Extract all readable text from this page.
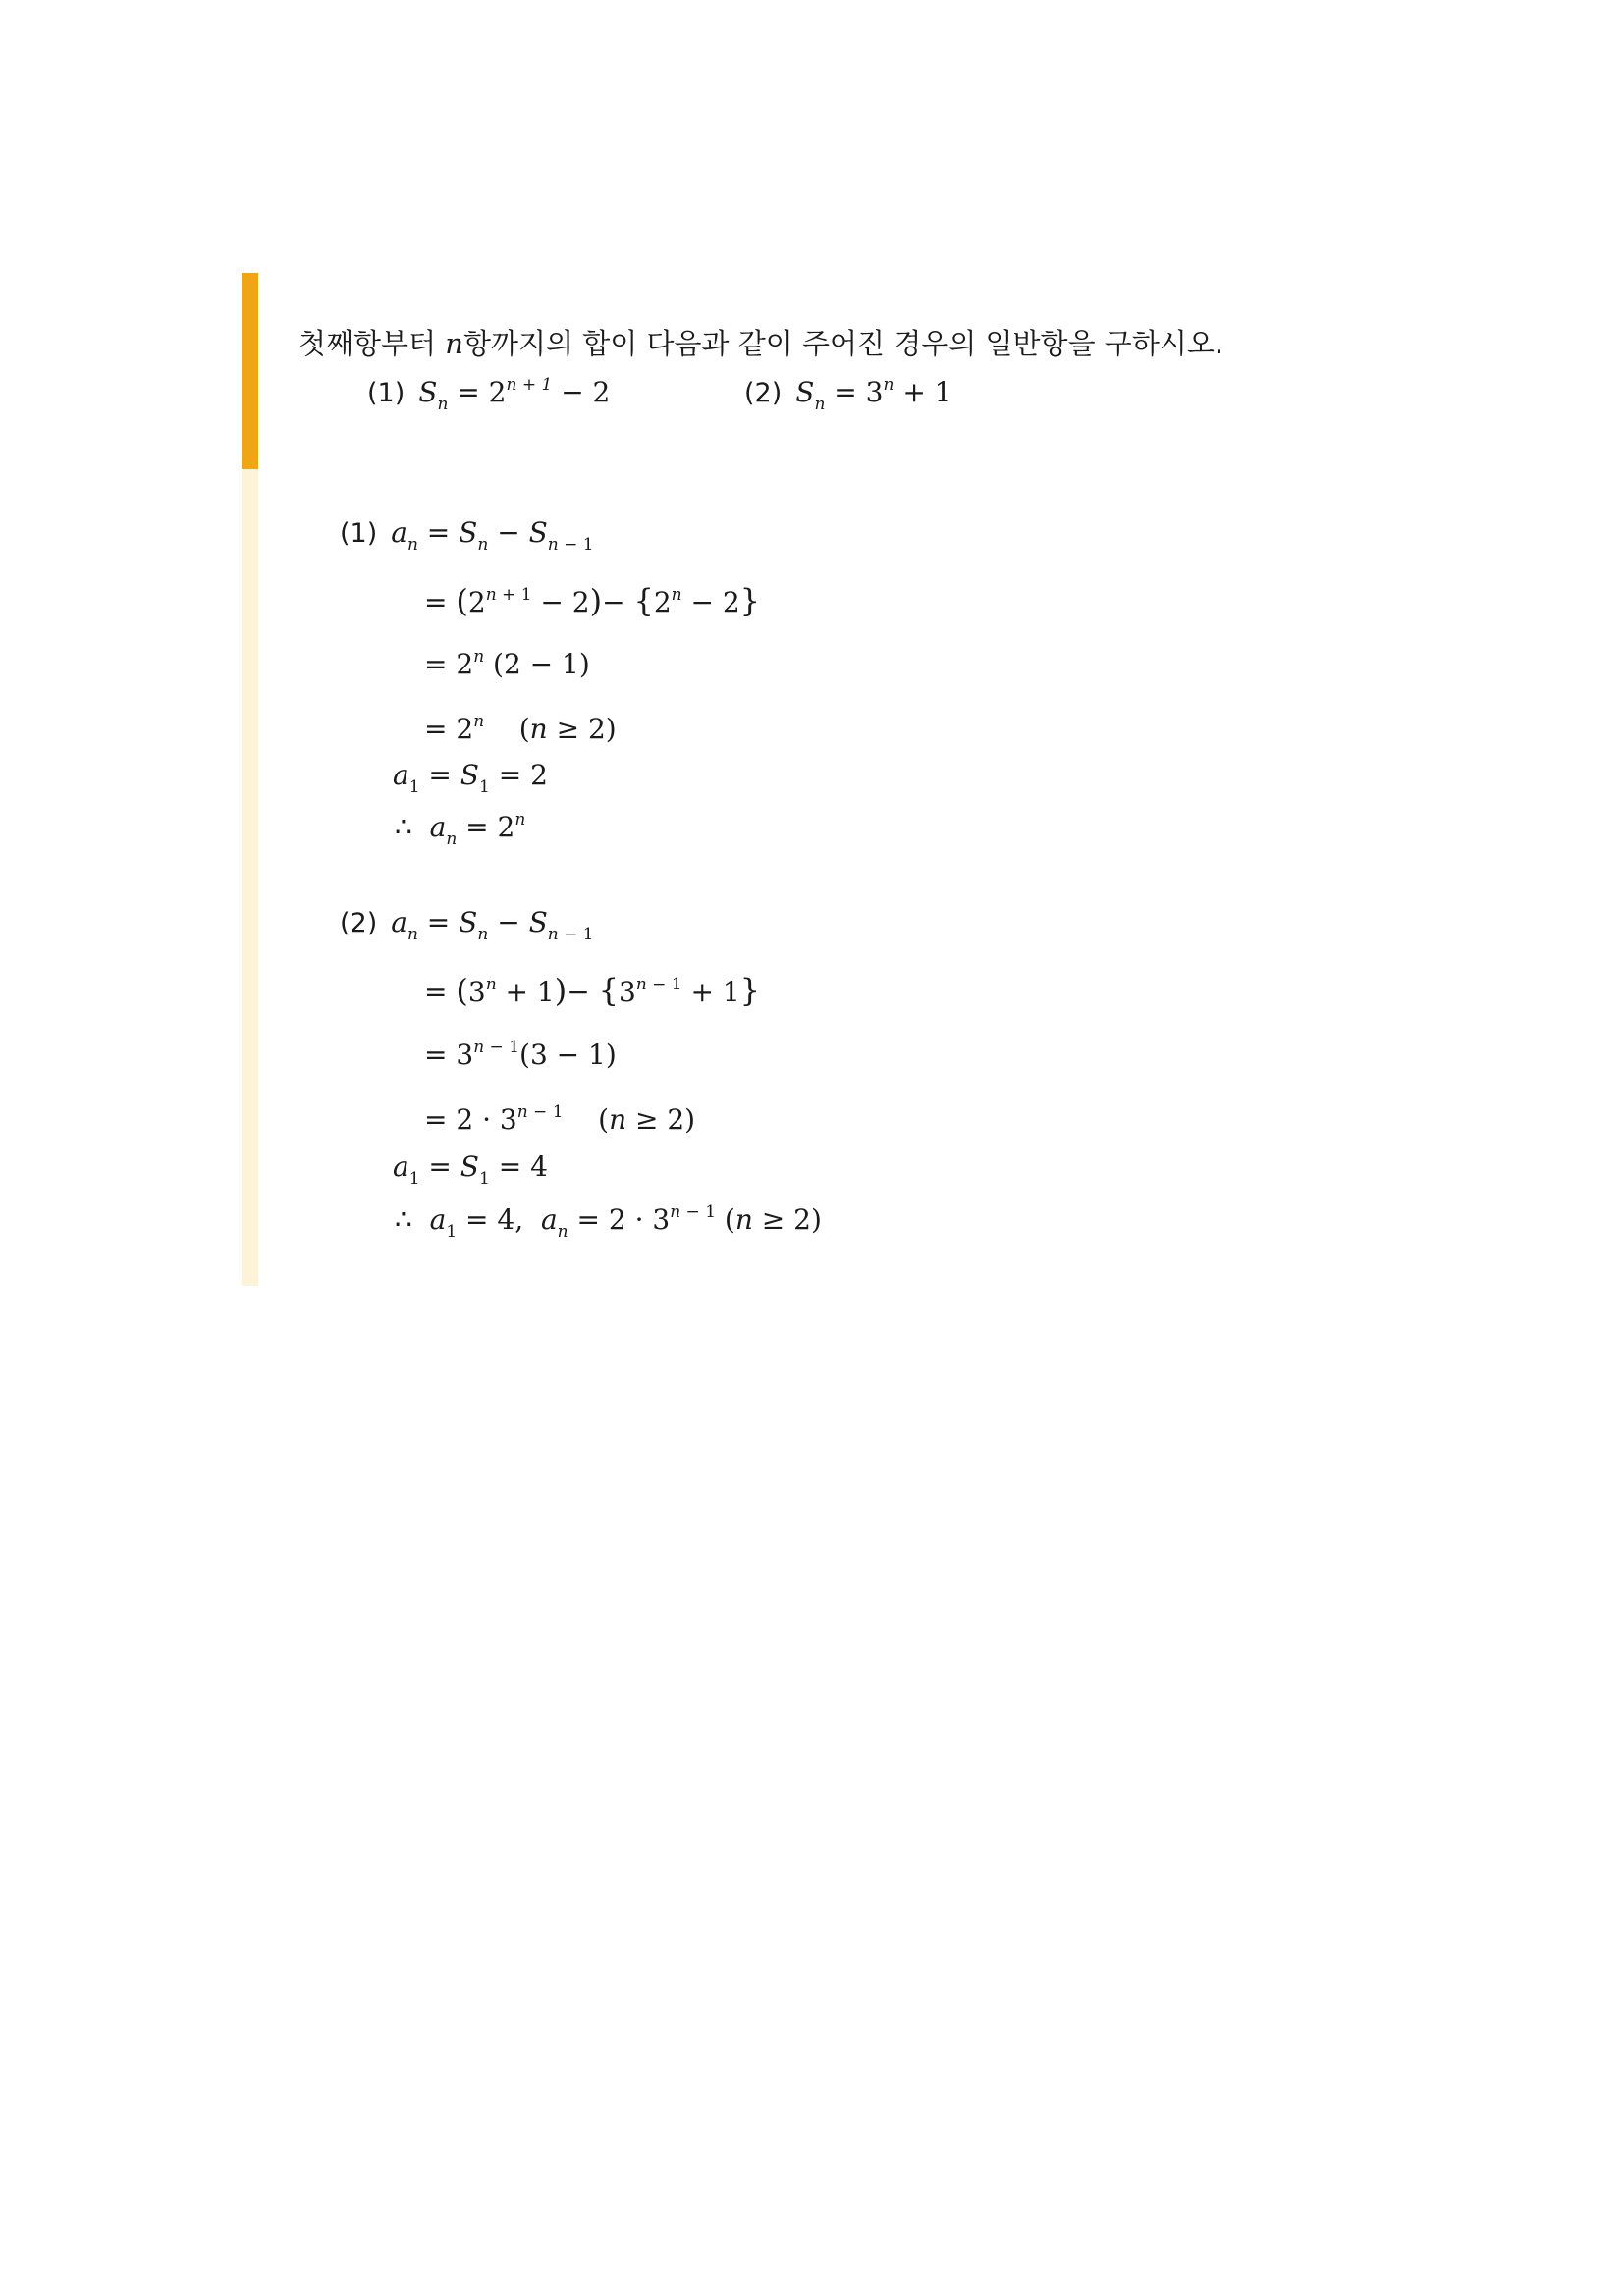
첫째항부터 n항까지의 합이 다음과 같이 주어진 경우의 일반항을 구하시오.
(1) $S_n = 2^{n + 1} - 2$	(2) $S_n = 3^n + 1$
(1) $a_n = S_n - S_{n - 1}$
= $(2^{n + 1} - 2)- \{2^n - 2\}$
= $2^n$ (2 − 1)
= $2^n$    (n ≥ 2)
$a_1 = S_1 = 2$
∴  $a_n = 2^n$
(2) $a_n = S_n - S_{n - 1}$
= $(3^n + 1)- \{3^{n - 1} + 1\}$
= $3^{n - 1}(3 - 1)$
= $2 \cdot 3^{n - 1}$    (n ≥ 2)
$a_1 = S_1 = 4$
∴  $a_1 = 4$,  $a_n = 2 \cdot 3^{n - 1}$ (n ≥ 2)
